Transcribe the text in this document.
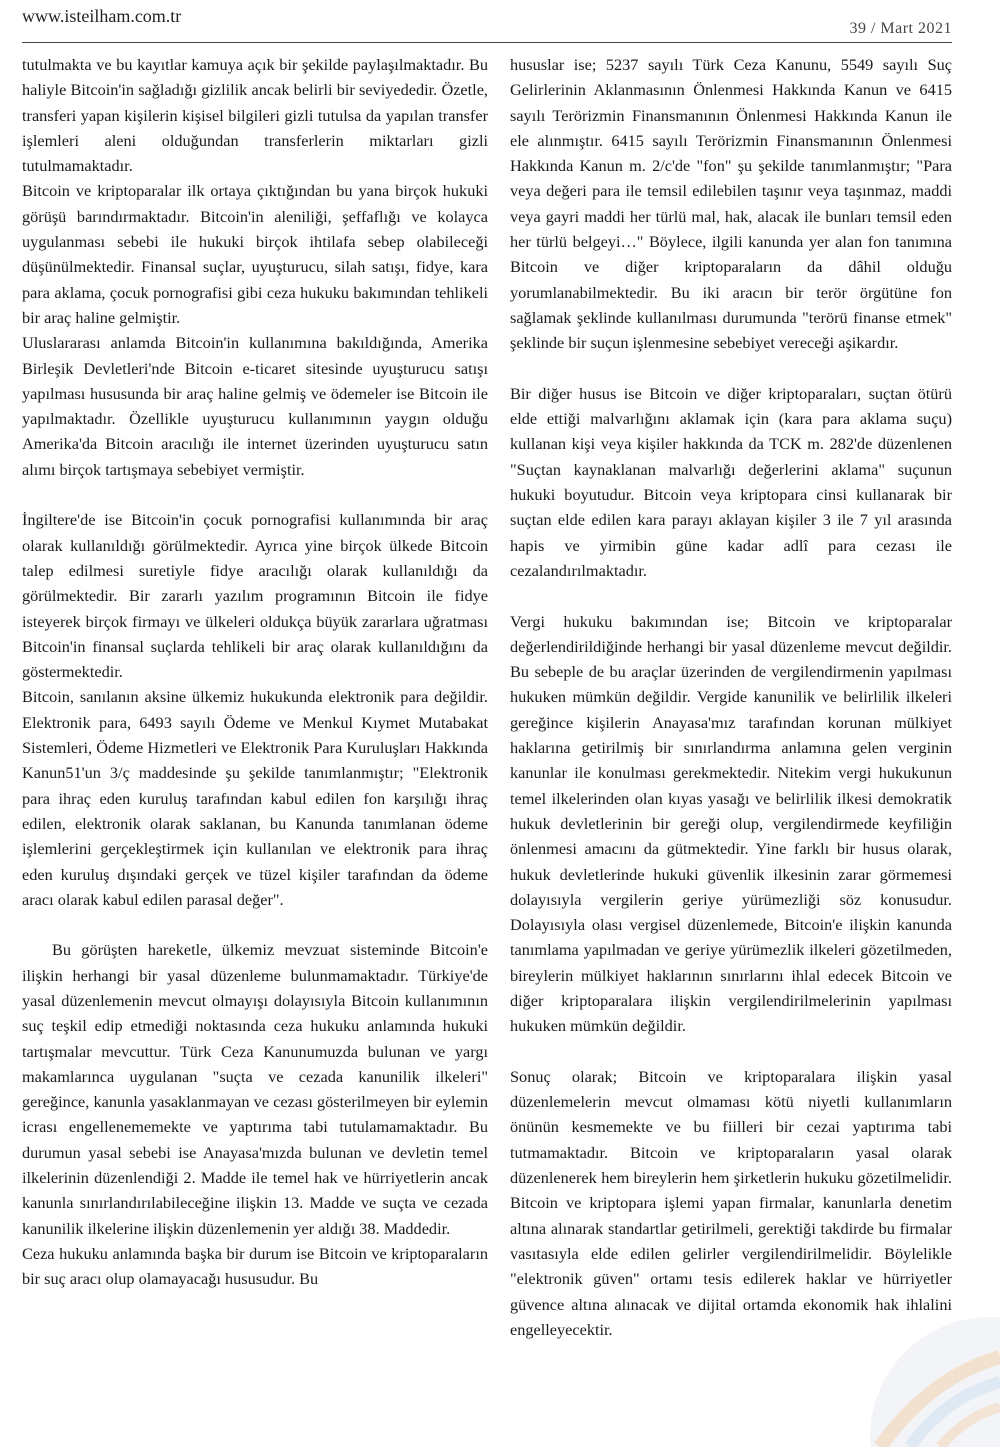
www.isteilham.com.tr
39 / Mart 2021

tutulmakta ve bu kayıtlar kamuya açık bir şekilde paylaşılmaktadır. Bu haliyle Bitcoin'in sağladığı gizlilik ancak belirli bir seviyededir. Özetle, transferi yapan kişilerin kişisel bilgileri gizli tutulsa da yapılan transfer işlemleri aleni olduğundan transferlerin miktarları gizli tutulmamaktadır.

Bitcoin ve kriptoparalar ilk ortaya çıktığından bu yana birçok hukuki görüşü barındırmaktadır. Bitcoin'in aleniliği, şeffaflığı ve kolayca uygulanması sebebi ile hukuki birçok ihtilafa sebep olabileceği düşünülmektedir. Finansal suçlar, uyuşturucu, silah satışı, fidye, kara para aklama, çocuk pornografisi gibi ceza hukuku bakımından tehlikeli bir araç haline gelmiştir.

Uluslararası anlamda Bitcoin'in kullanımına bakıldığında, Amerika Birleşik Devletleri'nde Bitcoin e-ticaret sitesinde uyuşturucu satışı yapılması hususunda bir araç haline gelmiş ve ödemeler ise Bitcoin ile yapılmaktadır. Özellikle uyuşturucu kullanımının yaygın olduğu Amerika'da Bitcoin aracılığı ile internet üzerinden uyuşturucu satın alımı birçok tartışmaya sebebiyet vermiştir.

İngiltere'de ise Bitcoin'in çocuk pornografisi kullanımında bir araç olarak kullanıldığı görülmektedir. Ayrıca yine birçok ülkede Bitcoin talep edilmesi suretiyle fidye aracılığı olarak kullanıldığı da görülmektedir. Bir zararlı yazılım programının Bitcoin ile fidye isteyerek birçok firmayı ve ülkeleri oldukça büyük zararlara uğratması Bitcoin'in finansal suçlarda tehlikeli bir araç olarak kullanıldığını da göstermektedir.

Bitcoin, sanılanın aksine ülkemiz hukukunda elektronik para değildir. Elektronik para, 6493 sayılı Ödeme ve Menkul Kıymet Mutabakat Sistemleri, Ödeme Hizmetleri ve Elektronik Para Kuruluşları Hakkında Kanun51'un 3/ç maddesinde şu şekilde tanımlanmıştır; "Elektronik para ihraç eden kuruluş tarafından kabul edilen fon karşılığı ihraç edilen, elektronik olarak saklanan, bu Kanunda tanımlanan ödeme işlemlerini gerçekleştirmek için kullanılan ve elektronik para ihraç eden kuruluş dışındaki gerçek ve tüzel kişiler tarafından da ödeme aracı olarak kabul edilen parasal değer".

Bu görüşten hareketle, ülkemiz mevzuat sisteminde Bitcoin'e ilişkin herhangi bir yasal düzenleme bulunmamaktadır. Türkiye'de yasal düzenlemenin mevcut olmayışı dolayısıyla Bitcoin kullanımının suç teşkil edip etmediği noktasında ceza hukuku anlamında hukuki tartışmalar mevcuttur. Türk Ceza Kanunumuzda bulunan ve yargı makamlarınca uygulanan "suçta ve cezada kanunilik ilkeleri" gereğince, kanunla yasaklanmayan ve cezası gösterilmeyen bir eylemin icrası engellenememekte ve yaptırıma tabi tutulamamaktadır. Bu durumun yasal sebebi ise Anayasa'mızda bulunan ve devletin temel ilkelerinin düzenlendiği 2. Madde ile temel hak ve hürriyetlerin ancak kanunla sınırlandırılabileceğine ilişkin 13. Madde ve suçta ve cezada kanunilik ilkelerine ilişkin düzenlemenin yer aldığı 38. Maddedir.

Ceza hukuku anlamında başka bir durum ise Bitcoin ve kriptoparaların bir suç aracı olup olamayacağı hususudur. Bu

hususlar ise; 5237 sayılı Türk Ceza Kanunu, 5549 sayılı Suç Gelirlerinin Aklanmasının Önlenmesi Hakkında Kanun ve 6415 sayılı Terörizmin Finansmanının Önlenmesi Hakkında Kanun ile ele alınmıştır. 6415 sayılı Terörizmin Finansmanının Önlenmesi Hakkında Kanun m. 2/c'de "fon" şu şekilde tanımlanmıştır; "Para veya değeri para ile temsil edilebilen taşınır veya taşınmaz, maddi veya gayri maddi her türlü mal, hak, alacak ile bunları temsil eden her türlü belgeyi…" Böylece, ilgili kanunda yer alan fon tanımına Bitcoin ve diğer kriptoparaların da dâhil olduğu yorumlanabilmektedir. Bu iki aracın bir terör örgütüne fon sağlamak şeklinde kullanılması durumunda "terörü finanse etmek" şeklinde bir suçun işlenmesine sebebiyet vereceği aşikardır.

Bir diğer husus ise Bitcoin ve diğer kriptoparaları, suçtan ötürü elde ettiği malvarlığını aklamak için (kara para aklama suçu) kullanan kişi veya kişiler hakkında da TCK m. 282'de düzenlenen "Suçtan kaynaklanan malvarlığı değerlerini aklama" suçunun hukuki boyutudur. Bitcoin veya kriptopara cinsi kullanarak bir suçtan elde edilen kara parayı aklayan kişiler 3 ile 7 yıl arasında hapis ve yirmibin güne kadar adlî para cezası ile cezalandırılmaktadır.

Vergi hukuku bakımından ise; Bitcoin ve kriptoparalar değerlendirildiğinde herhangi bir yasal düzenleme mevcut değildir. Bu sebeple de bu araçlar üzerinden de vergilendirmenin yapılması hukuken mümkün değildir. Vergide kanunilik ve belirlilik ilkeleri gereğince kişilerin Anayasa'mız tarafından korunan mülkiyet haklarına getirilmiş bir sınırlandırma anlamına gelen verginin kanunlar ile konulması gerekmektedir. Nitekim vergi hukukunun temel ilkelerinden olan kıyas yasağı ve belirlilik ilkesi demokratik hukuk devletlerinin bir gereği olup, vergilendirmede keyfiliğin önlenmesi amacını da gütmektedir. Yine farklı bir husus olarak, hukuk devletlerinde hukuki güvenlik ilkesinin zarar görmemesi dolayısıyla vergilerin geriye yürümezliği söz konusudur. Dolayısıyla olası vergisel düzenlemede, Bitcoin'e ilişkin kanunda tanımlama yapılmadan ve geriye yürümezlik ilkeleri gözetilmeden, bireylerin mülkiyet haklarının sınırlarını ihlal edecek Bitcoin ve diğer kriptoparalara ilişkin vergilendirilmelerinin yapılması hukuken mümkün değildir.

Sonuç olarak; Bitcoin ve kriptoparalara ilişkin yasal düzenlemelerin mevcut olmaması kötü niyetli kullanımların önünün kesmemekte ve bu fiilleri bir cezai yaptırıma tabi tutmamaktadır. Bitcoin ve kriptoparaların yasal olarak düzenlenerek hem bireylerin hem şirketlerin hukuku gözetilmelidir. Bitcoin ve kriptopara işlemi yapan firmalar, kanunlarla denetim altına alınarak standartlar getirilmeli, gerektiği takdirde bu firmalar vasıtasıyla elde edilen gelirler vergilendirilmelidir. Böylelikle "elektronik güven" ortamı tesis edilerek haklar ve hürriyetler güvence altına alınacak ve dijital ortamda ekonomik hak ihlalini engelleyecektir.
